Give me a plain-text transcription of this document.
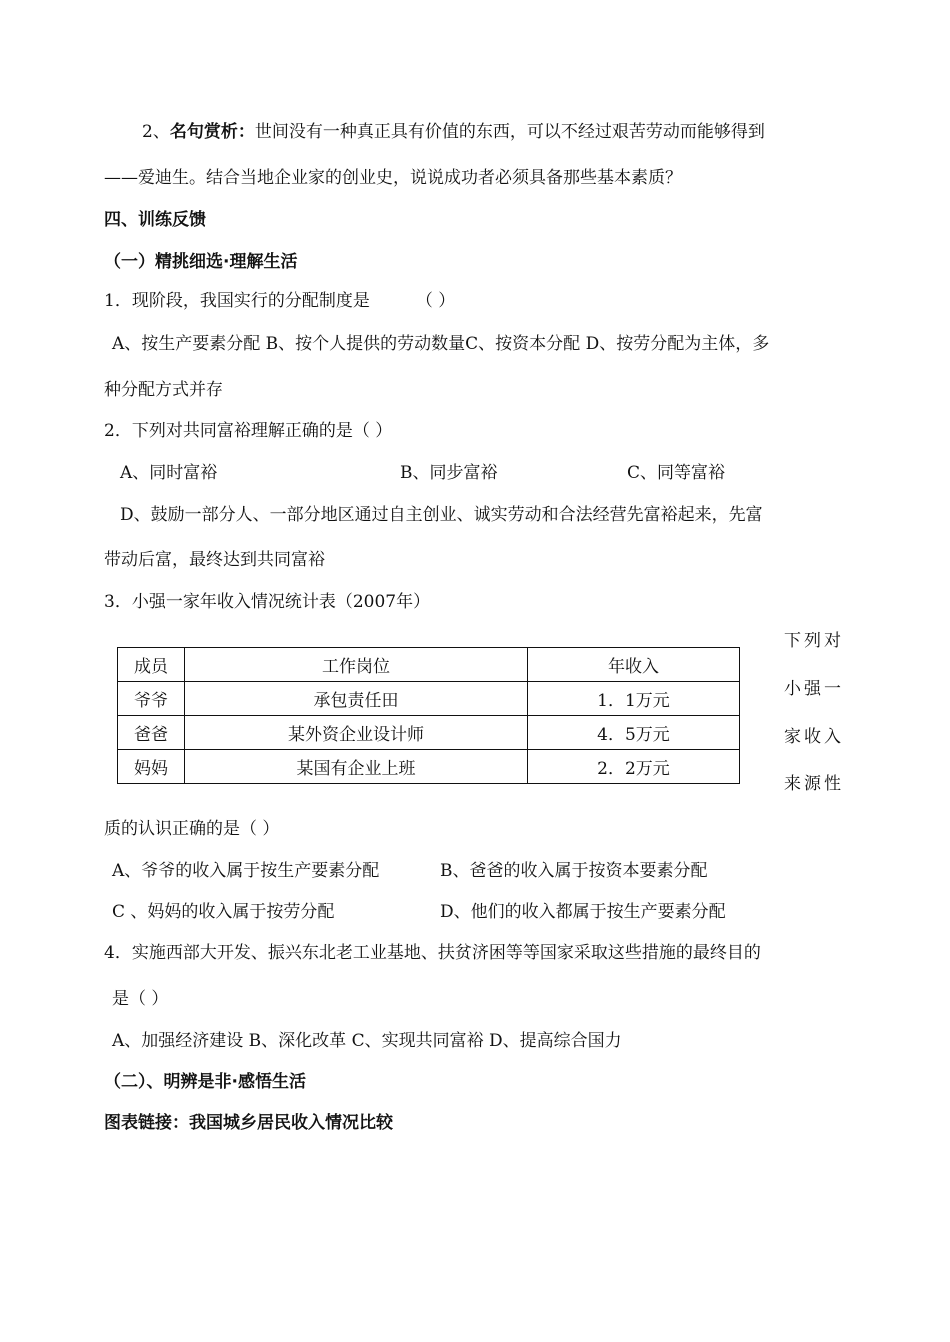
2、名句赏析：世间没有一种真正具有价值的东西，可以不经过艰苦劳动而能够得到
——爱迪生。结合当地企业家的创业史，说说成功者必须具备那些基本素质？
四、训练反馈
（一）精挑细选·理解生活
1．现阶段，我国实行的分配制度是	（ ）
A、按生产要素分配 B、按个人提供的劳动数量C、按资本分配 D、按劳分配为主体，多
种分配方式并存
2．下列对共同富裕理解正确的是（ ）
A、同时富裕	B、同步富裕	C、同等富裕
D、鼓励一部分人、一部分地区通过自主创业、诚实劳动和合法经营先富裕起来，先富
带动后富，最终达到共同富裕
3．小强一家年收入情况统计表（2007年）
成员	工作岗位	年收入
爷爷	承包责任田	1．1万元
爸爸	某外资企业设计师	4．5万元
妈妈	某国有企业上班	2．2万元
下列对
小强一
家收入
来源性
质的认识正确的是（ ）
A、爷爷的收入属于按生产要素分配	B、爸爸的收入属于按资本要素分配
C 、妈妈的收入属于按劳分配	D、他们的收入都属于按生产要素分配
4．实施西部大开发、振兴东北老工业基地、扶贫济困等等国家采取这些措施的最终目的
是（ ）
A、加强经济建设 B、深化改革 C、实现共同富裕 D、提高综合国力
（二）、明辨是非·感悟生活
图表链接：我国城乡居民收入情况比较
